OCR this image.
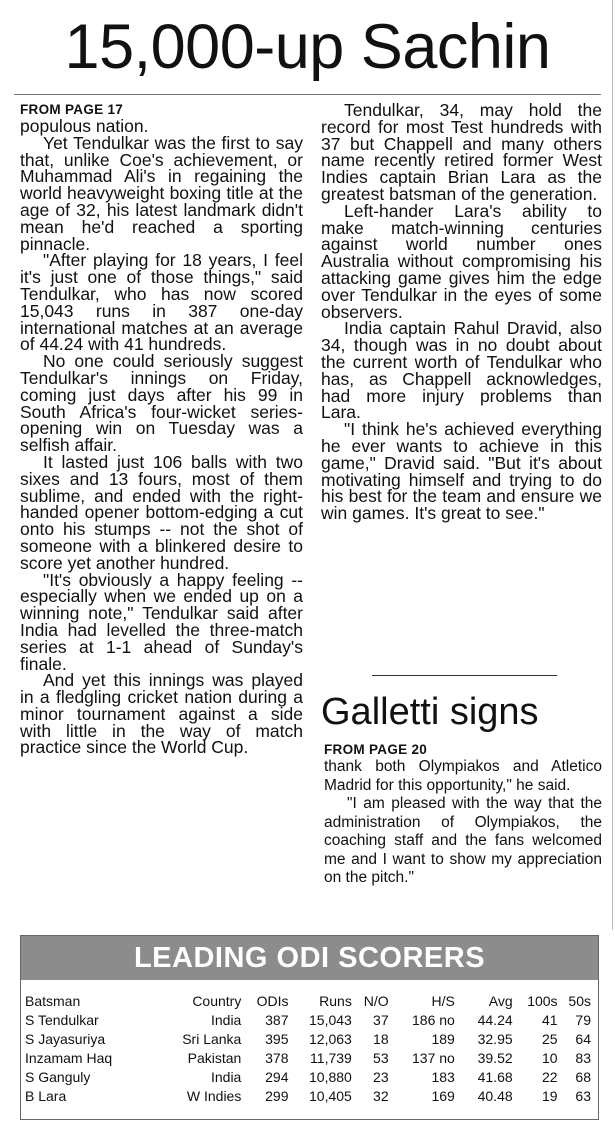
15,000-up Sachin

FROM PAGE 17

populous nation.

Yet Tendulkar was the first to say that, unlike Coe's achievement, or Muhammad Ali's in regaining the world heavyweight boxing title at the age of 32, his latest landmark didn't mean he'd reached a sporting pinnacle.

"After playing for 18 years, I feel it's just one of those things," said Tendulkar, who has now scored 15,043 runs in 387 one-day international matches at an average of 44.24 with 41 hundreds.

No one could seriously suggest Tendulkar's innings on Friday, coming just days after his 99 in South Africa's four-wicket series-opening win on Tuesday was a selfish affair.

It lasted just 106 balls with two sixes and 13 fours, most of them sublime, and ended with the right-handed opener bottom-edging a cut onto his stumps -- not the shot of someone with a blinkered desire to score yet another hundred.

"It's obviously a happy feeling -- especially when we ended up on a winning note," Tendulkar said after India had levelled the three-match series at 1-1 ahead of Sunday's finale.

And yet this innings was played in a fledgling cricket nation during a minor tournament against a side with little in the way of match practice since the World Cup.

Tendulkar, 34, may hold the record for most Test hundreds with 37 but Chappell and many others name recently retired former West Indies captain Brian Lara as the greatest batsman of the generation.

Left-hander Lara's ability to make match-winning centuries against world number ones Australia without compromising his attacking game gives him the edge over Tendulkar in the eyes of some observers.

India captain Rahul Dravid, also 34, though was in no doubt about the current worth of Tendulkar who has, as Chappell acknowledges, had more injury problems than Lara.

"I think he's achieved everything he ever wants to achieve in this game," Dravid said. "But it's about motivating himself and trying to do his best for the team and ensure we win games. It's great to see."

Galletti signs

FROM PAGE 20

thank both Olympiakos and Atletico Madrid for this opportunity," he said.

"I am pleased with the way that the administration of Olympiakos, the coaching staff and the fans welcomed me and I want to show my appreciation on the pitch."

LEADING ODI SCORERS
Batsman	Country	ODIs	Runs	N/O	H/S	Avg	100s	50s
S Tendulkar	India	387	15,043	37	186 no	44.24	41	79
S Jayasuriya	Sri Lanka	395	12,063	18	189	32.95	25	64
Inzamam Haq	Pakistan	378	11,739	53	137 no	39.52	10	83
S Ganguly	India	294	10,880	23	183	41.68	22	68
B Lara	W Indies	299	10,405	32	169	40.48	19	63
